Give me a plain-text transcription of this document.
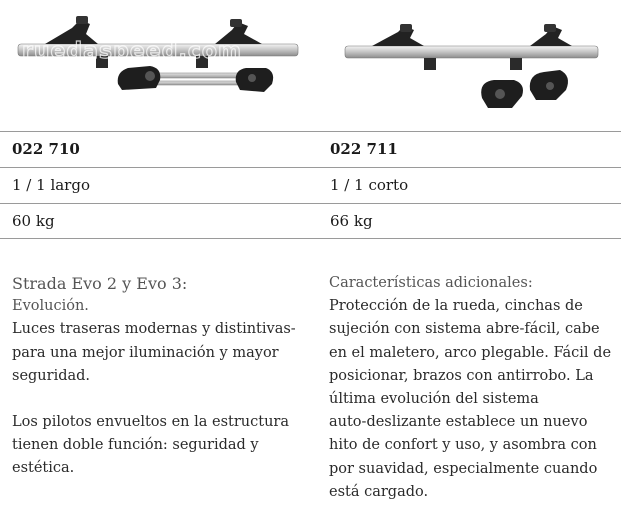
ruedaspeed.com
022 710	022 711
1 / 1 largo	1 / 1 corto
60 kg	66 kg

Strada Evo 2 y Evo 3:

Evolución.

Luces traseras modernas y distintivas-

para una mejor iluminación y mayor

seguridad.

Los pilotos envueltos en la estructura

tienen doble función: seguridad y

estética.

Características adicionales:

Protección de la rueda, cinchas de

sujeción con sistema abre-fácil, cabe

en el maletero, arco plegable. Fácil de

posicionar, brazos con antirrobo. La

última evolución del sistema

auto-deslizante establece un nuevo

hito de confort y uso, y asombra con

por suavidad, especialmente cuando

está cargado.
